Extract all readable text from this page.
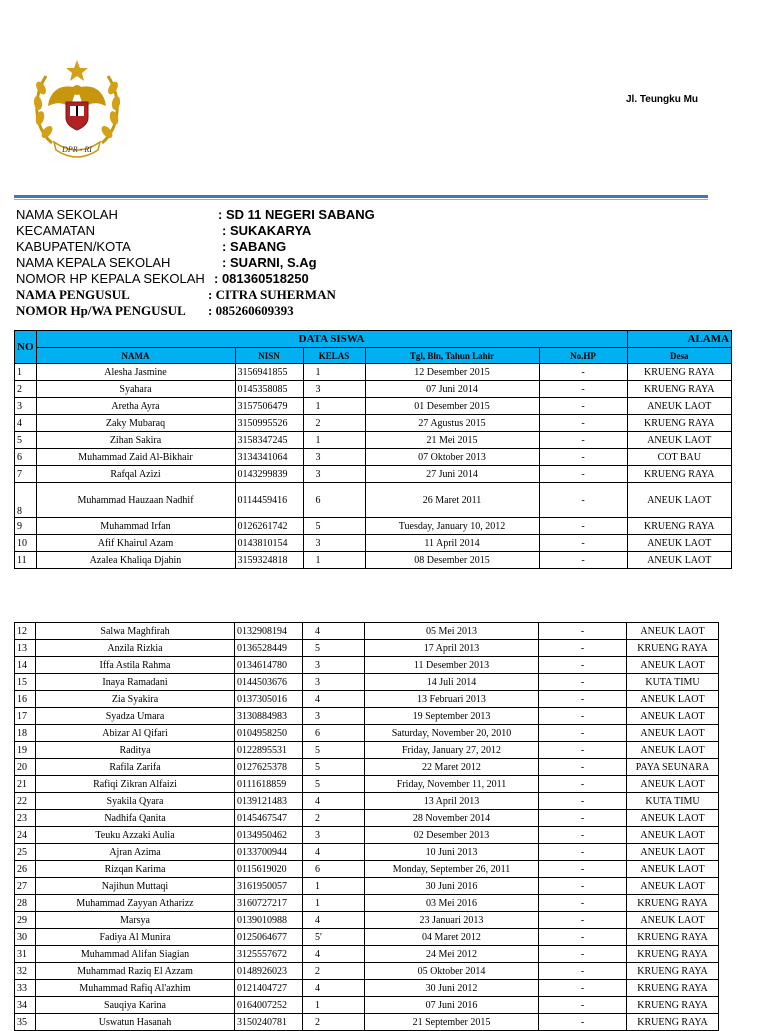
DPR - RI
Jl. Teungku Mu
NAMA SEKOLAH	: SD 11 NEGERI SABANG
KECAMATAN	: SUKAKARYA
KABUPATEN/KOTA	: SABANG
NAMA KEPALA SEKOLAH	: SUARNI, S.Ag
NOMOR HP KEPALA SEKOLAH : 081360518250
NAMA PENGUSUL	: CITRA SUHERMAN
NOMOR Hp/WA PENGUSUL : 085260609393
NO	DATA SISWA					ALAMA
	NAMA	NISN	KELAS	Tgl, Bln, Tahun Lahir	No.HP	Desa
1	Alesha Jasmine	3156941855	1	12 Desember 2015	-	KRUENG RAYA
2	Syahara	0145358085	3	07 Juni 2014	-	KRUENG RAYA
3	Aretha Ayra	3157506479	1	01 Desember 2015	-	ANEUK LAOT
4	Zaky Mubaraq	3150995526	2	27 Agustus 2015	-	KRUENG RAYA
5	Zihan Sakira	3158347245	1	21 Mei 2015	-	ANEUK LAOT
6	Muhammad Zaid Al-Bikhair	3134341064	3	07 Oktober 2013	-	COT BAU
7	Rafqal Azizi	0143299839	3	27 Juni 2014	-	KRUENG RAYA
8	Muhammad Hauzaan Nadhif	0114459416	6	26 Maret 2011	-	ANEUK LAOT
9	Muhammad Irfan	0126261742	5	Tuesday, January 10, 2012	-	KRUENG RAYA
10	Afif Khairul Azam	0143810154	3	11 April 2014	-	ANEUK LAOT
11	Azalea Khaliqa Djahin	3159324818	1	08 Desember 2015	-	ANEUK LAOT
12	Salwa Maghfirah	0132908194	4	05 Mei 2013	-	ANEUK LAOT
13	Anzila Rizkia	0136528449	5	17 April 2013	-	KRUENG RAYA
14	Iffa Astila Rahma	0134614780	3	11 Desember 2013	-	ANEUK LAOT
15	Inaya Ramadani	0144503676	3	14 Juli 2014	-	KUTA TIMU
16	Zia Syakira	0137305016	4	13 Februari 2013	-	ANEUK LAOT
17	Syadza Umara	3130884983	3	19 September 2013	-	ANEUK LAOT
18	Abizar Al Qifari	0104958250	6	Saturday, November 20, 2010	-	ANEUK LAOT
19	Raditya	0122895531	5	Friday, January 27, 2012	-	ANEUK LAOT
20	Rafila Zarifa	0127625378	5	22 Maret 2012	-	PAYA SEUNARA
21	Rafiqi Zikran Alfaizi	0111618859	5	Friday, November 11, 2011	-	ANEUK LAOT
22	Syakila Qyara	0139121483	4	13 April 2013	-	KUTA TIMU
23	Nadhifa Qanita	0145467547	2	28 November 2014	-	ANEUK LAOT
24	Teuku Azzaki Aulia	0134950462	3	02 Desember 2013	-	ANEUK LAOT
25	Ajran Azima	0133700944	4	10 Juni 2013	-	ANEUK LAOT
26	Rizqan Karima	0115619020	6	Monday, September 26, 2011	-	ANEUK LAOT
27	Najihun Muttaqi	3161950057	1	30 Juni 2016	-	ANEUK LAOT
28	Muhammad Zayyan Atharizz	3160727217	1	03 Mei 2016	-	KRUENG RAYA
29	Marsya	0139010988	4	23 Januari 2013	-	ANEUK LAOT
30	Fadiya Al Munira	0125064677	5'	04 Maret 2012	-	KRUENG RAYA
31	Muhammad Alifan Siagian	3125557672	4	24 Mei 2012	-	KRUENG RAYA
32	Muhammad Raziq El Azzam	0148926023	2	05 Oktober 2014	-	KRUENG RAYA
33	Muhammad Rafiq Al'azhim	0121404727	4	30 Juni 2012	-	KRUENG RAYA
34	Sauqiya Karina	0164007252	1	07 Juni 2016	-	KRUENG RAYA
35	Uswatun Hasanah	3150240781	2	21 September 2015	-	KRUENG RAYA
